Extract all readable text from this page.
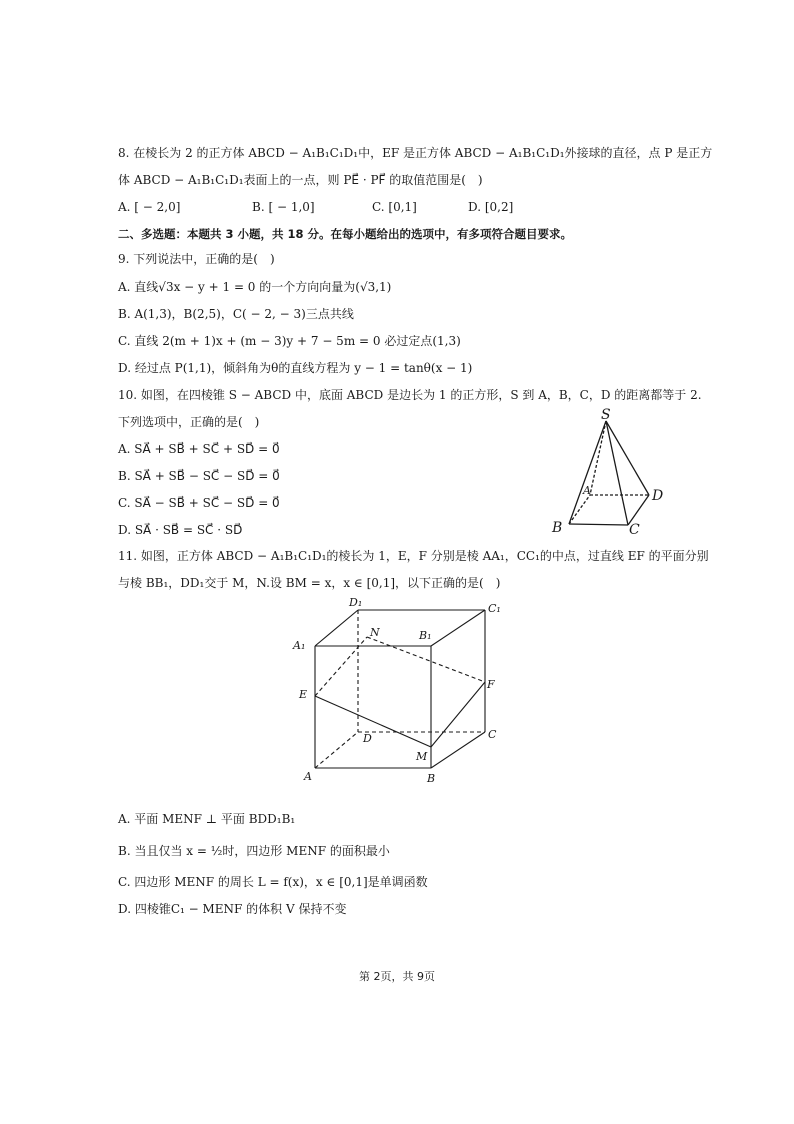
8. 在棱长为 2 的正方体 ABCD − A₁B₁C₁D₁中，EF 是正方体 ABCD − A₁B₁C₁D₁外接球的直径，点 P 是正方
体 ABCD − A₁B₁C₁D₁表面上的一点，则 PE⃗ · PF⃗ 的取值范围是(　)
A. [ − 2,0]	B. [ − 1,0]	C. [0,1]	D. [0,2]
二、多选题：本题共 3 小题，共 18 分。在每小题给出的选项中，有多项符合题目要求。
9. 下列说法中，正确的是(　)
A. 直线√3x − y + 1 = 0 的一个方向向量为(√3,1)
B. A(1,3)，B(2,5)，C( − 2, − 3)三点共线
C. 直线 2(m + 1)x + (m − 3)y + 7 − 5m = 0 必过定点(1,3)
D. 经过点 P(1,1)，倾斜角为θ的直线方程为 y − 1 = tanθ(x − 1)
10. 如图，在四棱锥 S − ABCD 中，底面 ABCD 是边长为 1 的正方形，S 到 A，B，C，D 的距离都等于 2.
下列选项中，正确的是(　)
A. SA⃗ + SB⃗ + SC⃗ + SD⃗ = 0⃗
B. SA⃗ + SB⃗ − SC⃗ − SD⃗ = 0⃗
C. SA⃗ − SB⃗ + SC⃗ − SD⃗ = 0⃗
D. SA⃗ · SB⃗ = SC⃗ · SD⃗
S
A
B	C
D
11. 如图，正方体 ABCD − A₁B₁C₁D₁的棱长为 1，E，F 分别是棱 AA₁，CC₁的中点，过直线 EF 的平面分别
与棱 BB₁，DD₁交于 M，N.设 BM = x，x ∈ [0,1]，以下正确的是(　)
D₁	C₁
A₁
B₁
N
E
F
D	C
M
A	B
A. 平面 MENF ⊥ 平面 BDD₁B₁
B. 当且仅当 x = ½时，四边形 MENF 的面积最小
C. 四边形 MENF 的周长 L = f(x)，x ∈ [0,1]是单调函数
D. 四棱锥C₁ − MENF 的体积 V 保持不变
第 2页，共 9页
